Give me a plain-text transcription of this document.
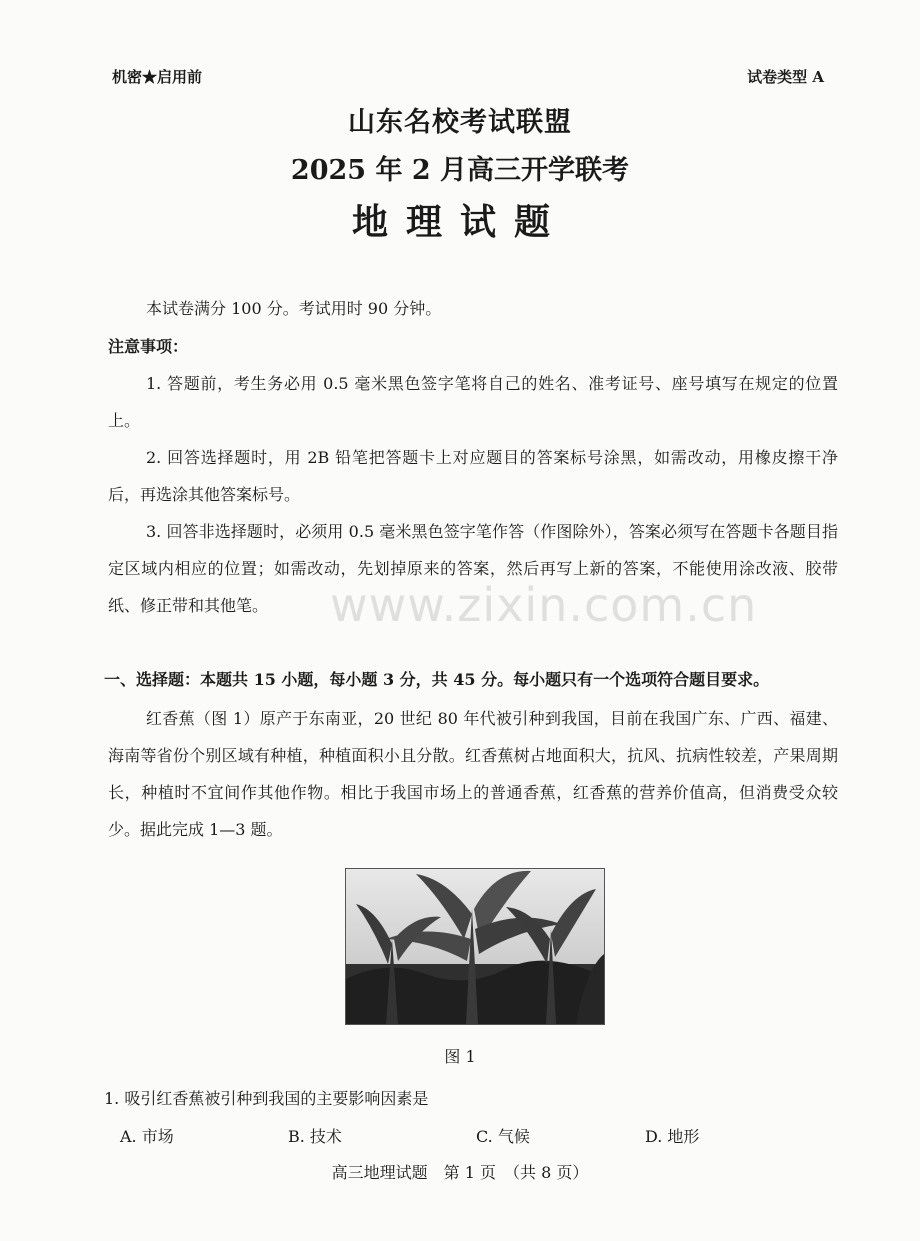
机密★启用前	试卷类型 A
山东名校考试联盟
2025 年 2 月高三开学联考
地理试题
本试卷满分 100 分。考试用时 90 分钟。
注意事项：
1. 答题前，考生务必用 0.5 毫米黑色签字笔将自己的姓名、准考证号、座号填写在规定的位置上。
2. 回答选择题时，用 2B 铅笔把答题卡上对应题目的答案标号涂黑，如需改动，用橡皮擦干净后，再选涂其他答案标号。
3. 回答非选择题时，必须用 0.5 毫米黑色签字笔作答（作图除外），答案必须写在答题卡各题目指定区域内相应的位置；如需改动，先划掉原来的答案，然后再写上新的答案，不能使用涂改液、胶带纸、修正带和其他笔。	www.zixin.com.cn
一、选择题：本题共 15 小题，每小题 3 分，共 45 分。每小题只有一个选项符合题目要求。
红香蕉（图 1）原产于东南亚，20 世纪 80 年代被引种到我国，目前在我国广东、广西、福建、海南等省份个别区域有种植，种植面积小且分散。红香蕉树占地面积大，抗风、抗病性较差，产果周期长，种植时不宜间作其他作物。相比于我国市场上的普通香蕉，红香蕉的营养价值高，但消费受众较少。据此完成 1—3 题。
图 1
1. 吸引红香蕉被引种到我国的主要影响因素是
A. 市场	B. 技术	C. 气候	D. 地形
高三地理试题　第 1 页　（共 8 页）
